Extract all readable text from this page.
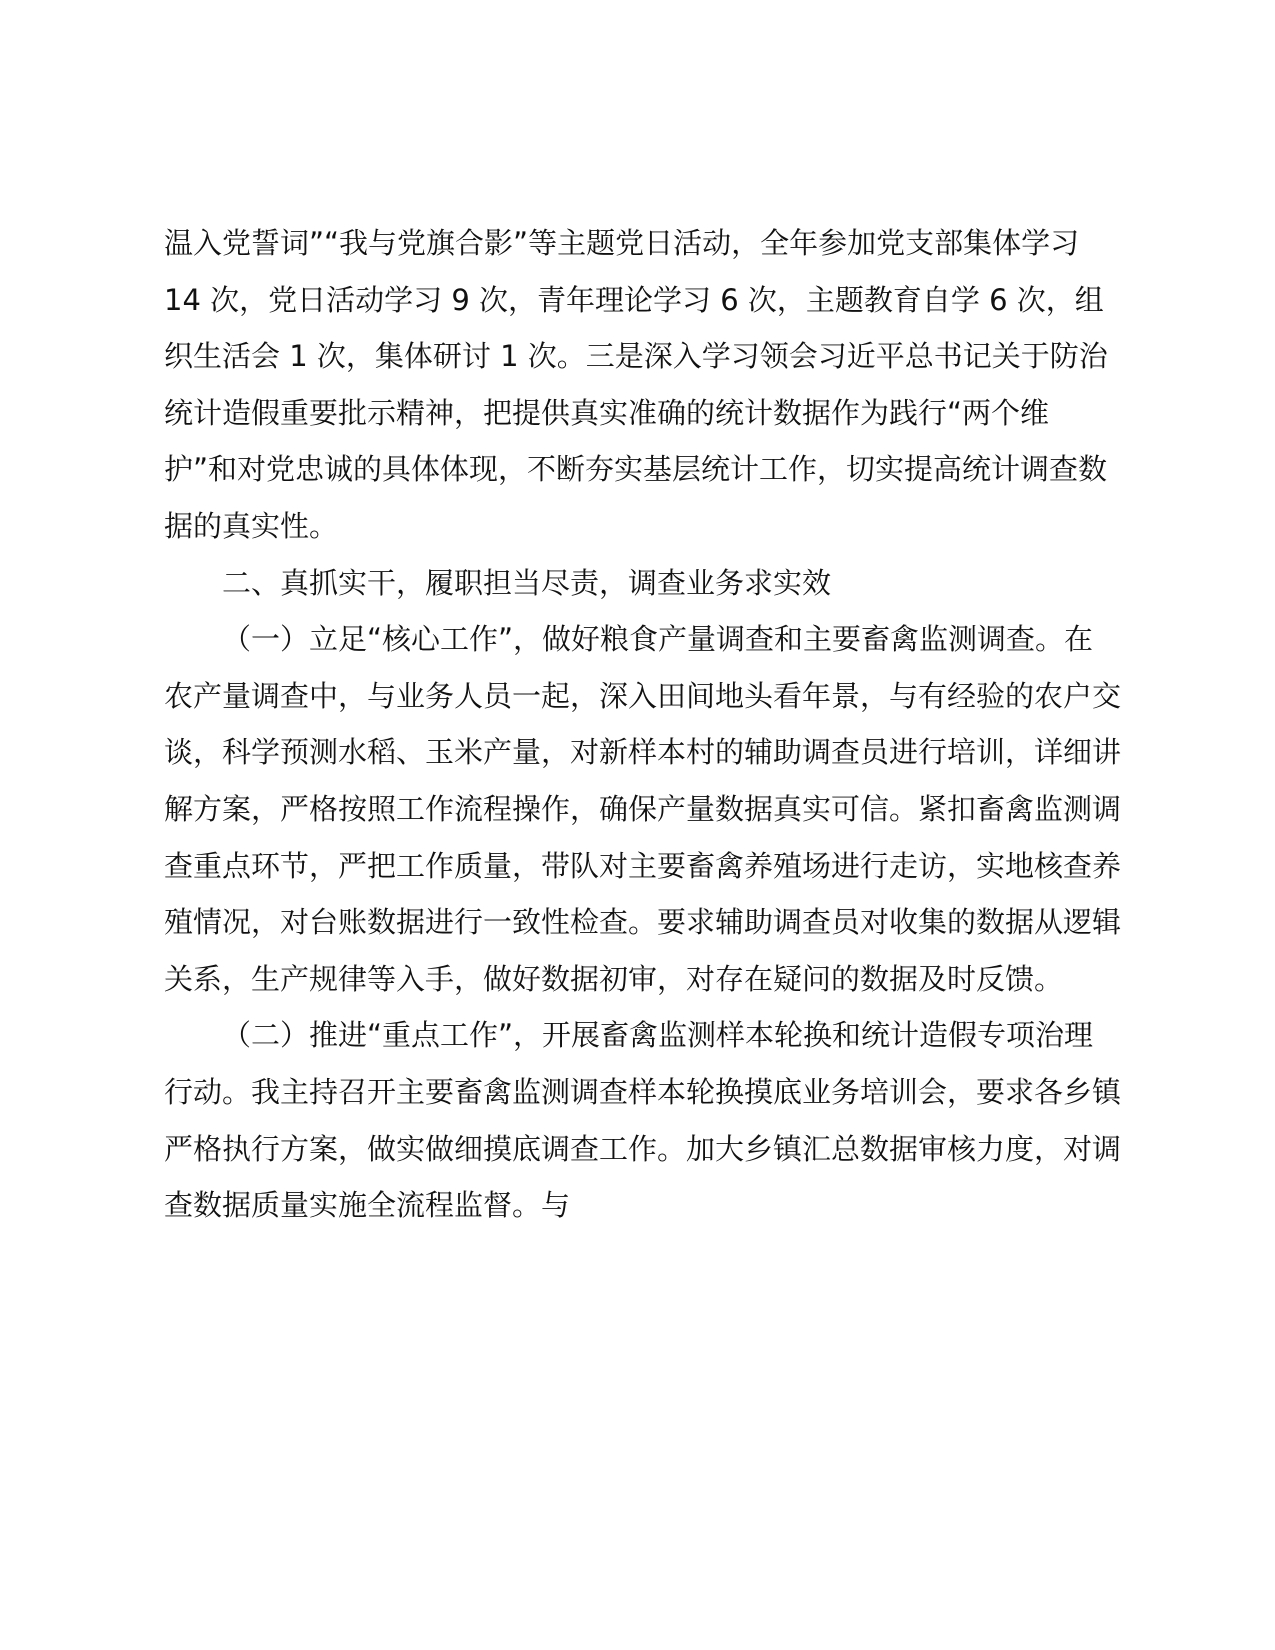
温入党誓词”“我与党旗合影”等主题党日活动，全年参加党支部集体学习 14 次，党日活动学习 9 次，青年理论学习 6 次，主题教育自学 6 次，组织生活会 1 次，集体研讨 1 次。三是深入学习领会习近平总书记关于防治统计造假重要批示精神，把提供真实准确的统计数据作为践行“两个维护”和对党忠诚的具体体现，不断夯实基层统计工作，切实提高统计调查数据的真实性。

二、真抓实干，履职担当尽责，调查业务求实效

（一）立足“核心工作”，做好粮食产量调查和主要畜禽监测调查。在农产量调查中，与业务人员一起，深入田间地头看年景，与有经验的农户交谈，科学预测水稻、玉米产量，对新样本村的辅助调查员进行培训，详细讲解方案，严格按照工作流程操作，确保产量数据真实可信。紧扣畜禽监测调查重点环节，严把工作质量，带队对主要畜禽养殖场进行走访，实地核查养殖情况，对台账数据进行一致性检查。要求辅助调查员对收集的数据从逻辑关系，生产规律等入手，做好数据初审，对存在疑问的数据及时反馈。

（二）推进“重点工作”，开展畜禽监测样本轮换和统计造假专项治理行动。我主持召开主要畜禽监测调查样本轮换摸底业务培训会，要求各乡镇严格执行方案，做实做细摸底调查工作。加大乡镇汇总数据审核力度，对调查数据质量实施全流程监督。与
